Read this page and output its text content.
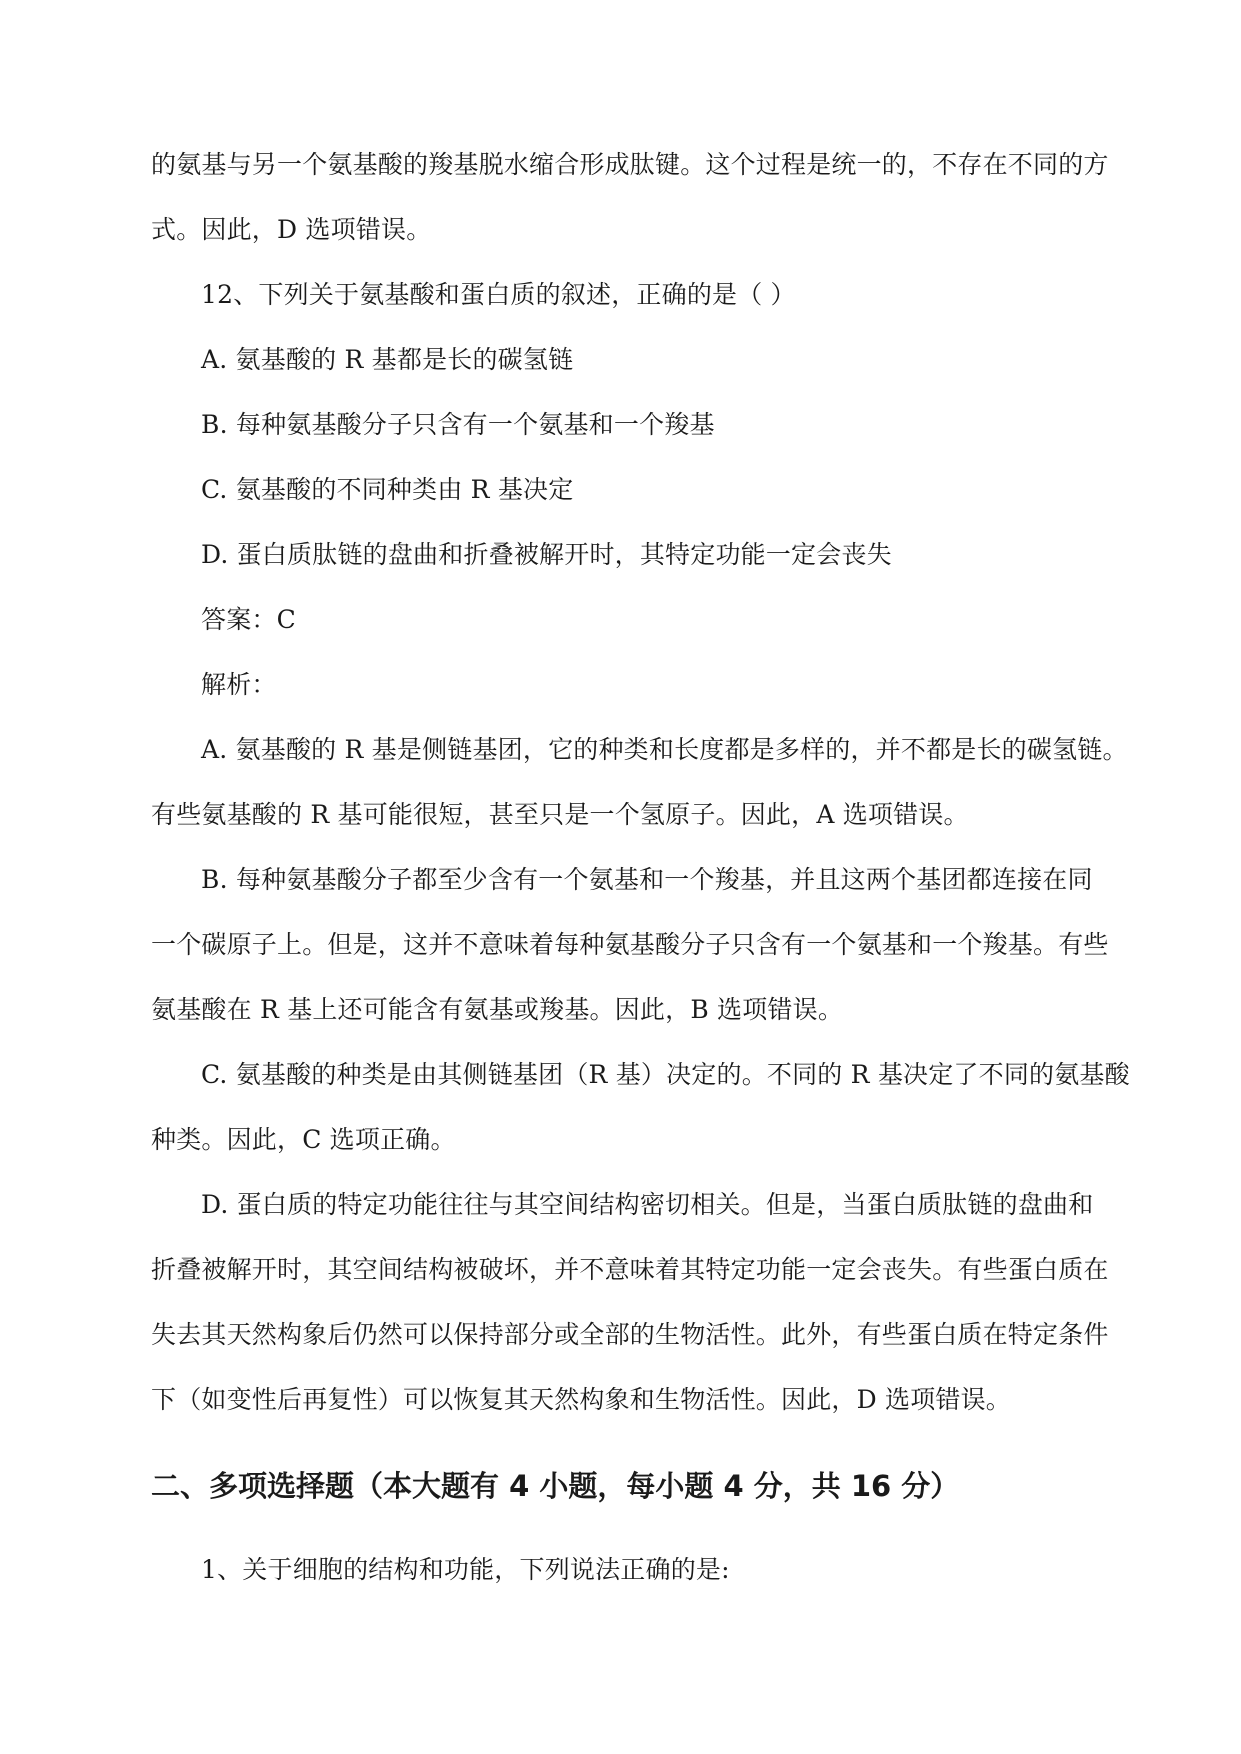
的氨基与另一个氨基酸的羧基脱水缩合形成肽键。这个过程是统一的，不存在不同的方
式。因此，D 选项错误。
12、下列关于氨基酸和蛋白质的叙述，正确的是（ ）
A. 氨基酸的 R 基都是长的碳氢链
B. 每种氨基酸分子只含有一个氨基和一个羧基
C. 氨基酸的不同种类由 R 基决定
D. 蛋白质肽链的盘曲和折叠被解开时，其特定功能一定会丧失
答案：C
解析：
A. 氨基酸的 R 基是侧链基团，它的种类和长度都是多样的，并不都是长的碳氢链。
有些氨基酸的 R 基可能很短，甚至只是一个氢原子。因此，A 选项错误。
B. 每种氨基酸分子都至少含有一个氨基和一个羧基，并且这两个基团都连接在同
一个碳原子上。但是，这并不意味着每种氨基酸分子只含有一个氨基和一个羧基。有些
氨基酸在 R 基上还可能含有氨基或羧基。因此，B 选项错误。
C. 氨基酸的种类是由其侧链基团（R 基）决定的。不同的 R 基决定了不同的氨基酸
种类。因此，C 选项正确。
D. 蛋白质的特定功能往往与其空间结构密切相关。但是，当蛋白质肽链的盘曲和
折叠被解开时，其空间结构被破坏，并不意味着其特定功能一定会丧失。有些蛋白质在
失去其天然构象后仍然可以保持部分或全部的生物活性。此外，有些蛋白质在特定条件
下（如变性后再复性）可以恢复其天然构象和生物活性。因此，D 选项错误。
二、多项选择题（本大题有 4 小题，每小题 4 分，共 16 分）
1、关于细胞的结构和功能，下列说法正确的是:
